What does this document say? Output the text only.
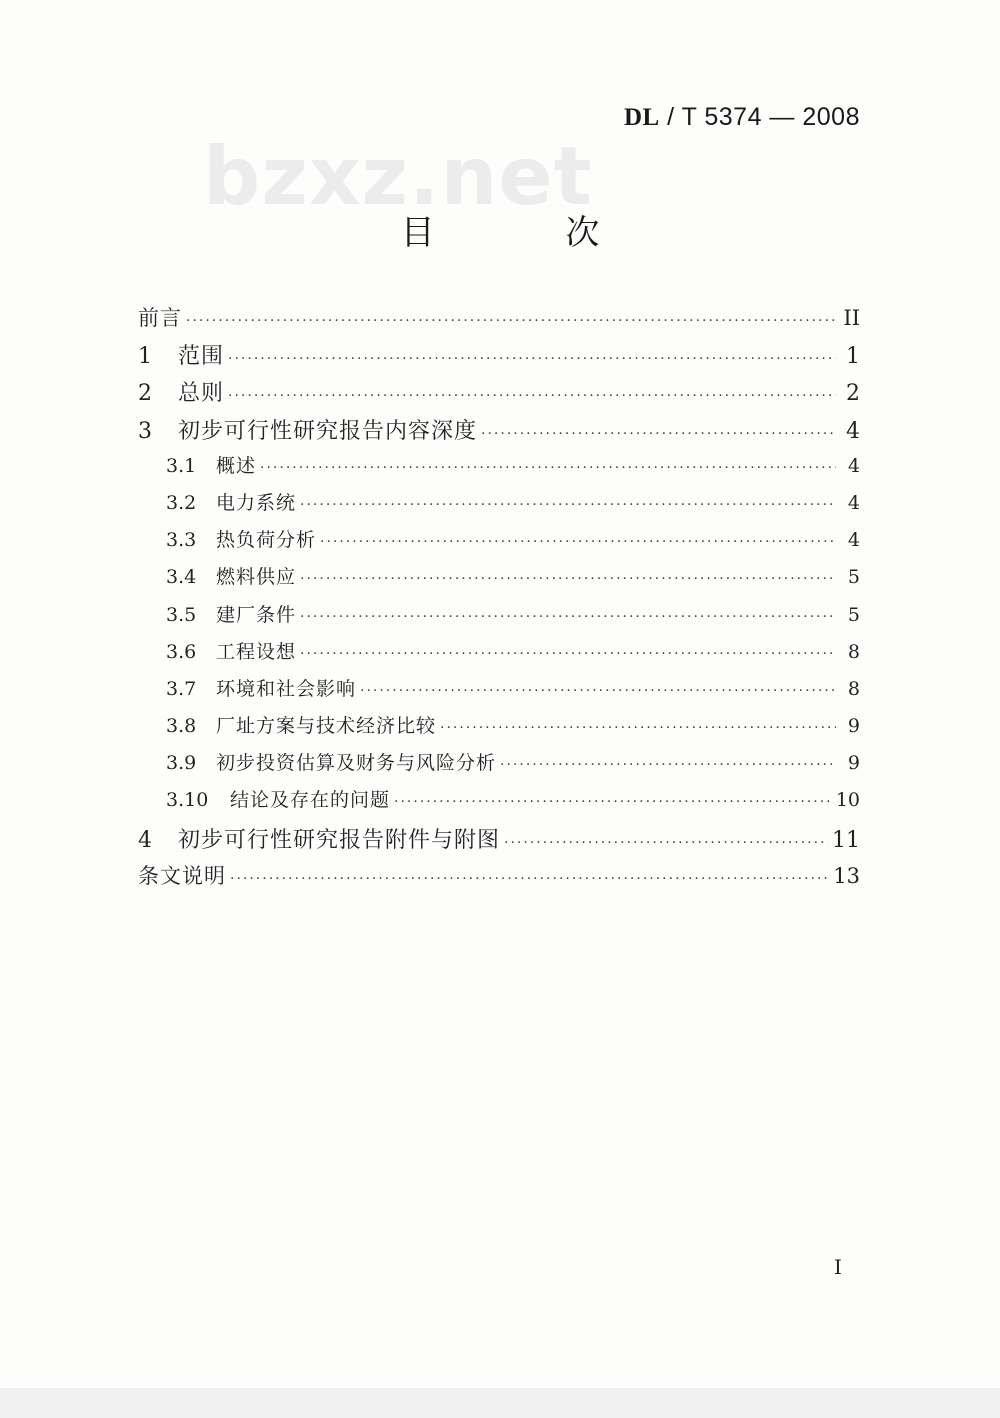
DL / T 5374 — 2008
bzxz.net
目 次
前言 ·····	II
1	范围 ·····	1
2	总则 ·····	2
3	初步可行性研究报告内容深度 ·····	4
3.1	概述 ·····	4
3.2	电力系统 ·····	4
3.3	热负荷分析 ·····	4
3.4	燃料供应 ·····	5
3.5	建厂条件 ·····	5
3.6	工程设想 ·····	8
3.7	环境和社会影响 ·····	8
3.8	厂址方案与技术经济比较 ·····	9
3.9	初步投资估算及财务与风险分析 ·····	9
3.10	结论及存在的问题 ·····	10
4	初步可行性研究报告附件与附图 ·····	11
条文说明 ·····	13
I
